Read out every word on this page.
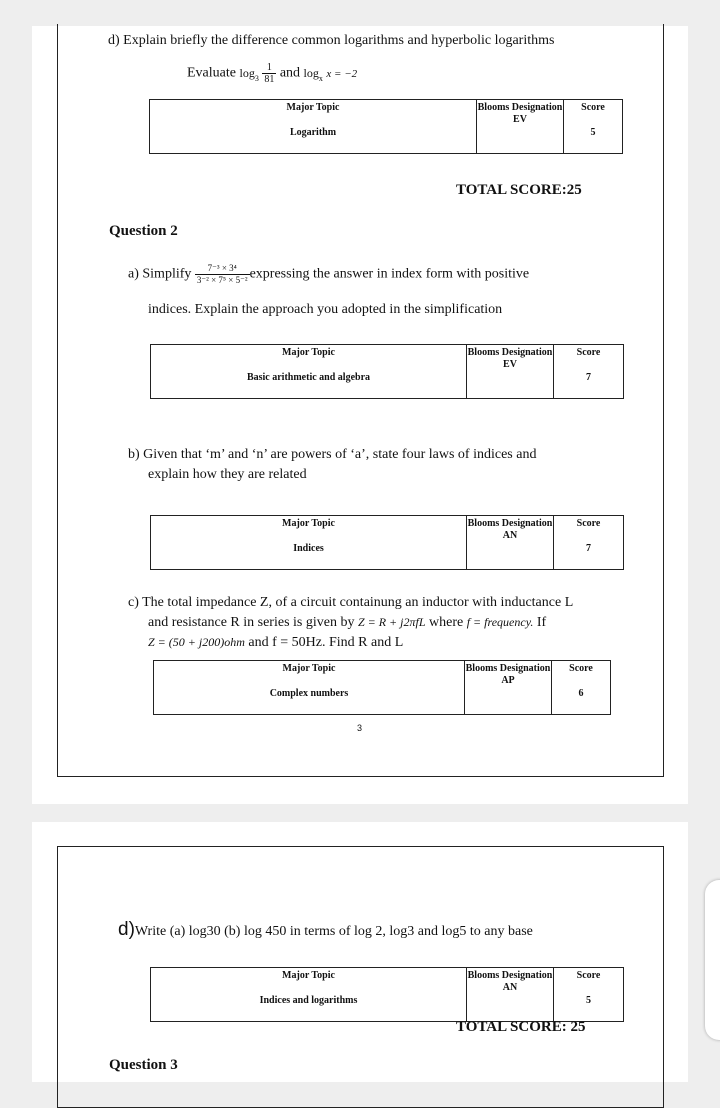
d) Explain briefly the difference common logarithms and hyperbolic logarithms
Evaluate $\log_3 \frac{1}{81}$ and $\log_x x = -2$
Major Topic
Logarithm

Blooms Designation
EV

Score
5
TOTAL SCORE:25
Question 2
a) Simplify $\frac{\text{7⁻³ × 3⁴}}{\text{3⁻² × 7⁵ × 5⁻²}}$ expressing the answer in index form with positive
indices. Explain the approach you adopted in the simplification
Major Topic
Basic arithmetic and algebra

Blooms Designation
EV

Score
7
b) Given that ‘m’ and ‘n’ are powers of ‘a’, state four laws of indices and
explain how they are related
Major Topic
Indices

Blooms Designation
AN

Score
7
c) The total impedance Z, of a circuit containung an inductor with inductance L
and resistance R in series is given by Z = R + j2πfL where f = frequency. If
Z = (50 + j200)ohm and f = 50Hz. Find R and L
Major Topic
Complex numbers

Blooms Designation
AP

Score
6
3
d)Write (a) log30 (b) log 450 in terms of log 2, log3 and log5 to any base
Major Topic
Indices and logarithms

Blooms Designation
AN

Score
5
TOTAL SCORE: 25
Question 3
